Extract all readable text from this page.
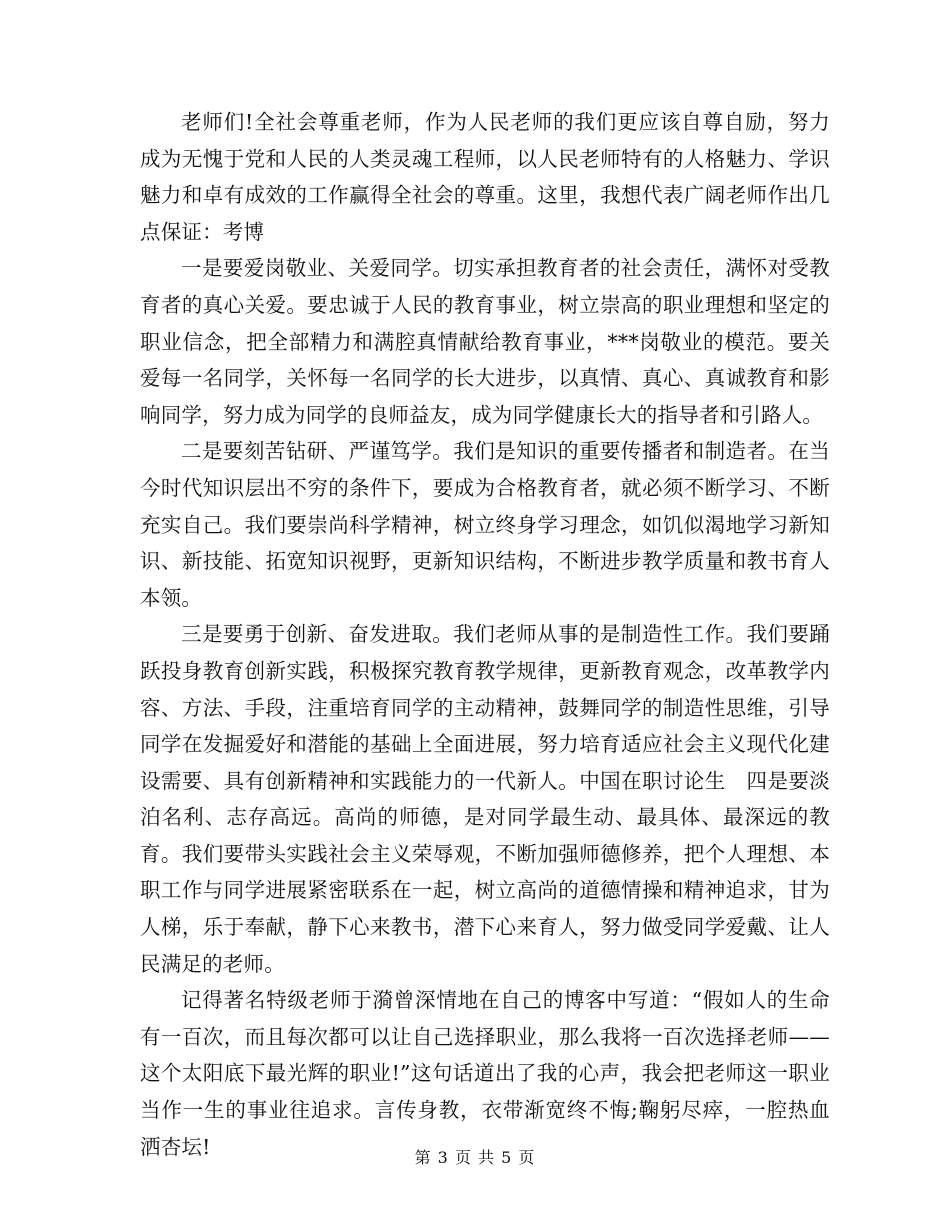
老师们!全社会尊重老师，作为人民老师的我们更应该自尊自励，努力成为无愧于党和人民的人类灵魂工程师，以人民老师特有的人格魅力、学识魅力和卓有成效的工作赢得全社会的尊重。这里，我想代表广阔老师作出几点保证：考博

一是要爱岗敬业、关爱同学。切实承担教育者的社会责任，满怀对受教育者的真心关爱。要忠诚于人民的教育事业，树立崇高的职业理想和坚定的职业信念，把全部精力和满腔真情献给教育事业，***岗敬业的模范。要关爱每一名同学，关怀每一名同学的长大进步，以真情、真心、真诚教育和影响同学，努力成为同学的良师益友，成为同学健康长大的指导者和引路人。

二是要刻苦钻研、严谨笃学。我们是知识的重要传播者和制造者。在当今时代知识层出不穷的条件下，要成为合格教育者，就必须不断学习、不断充实自己。我们要崇尚科学精神，树立终身学习理念，如饥似渴地学习新知识、新技能、拓宽知识视野，更新知识结构，不断进步教学质量和教书育人本领。

三是要勇于创新、奋发进取。我们老师从事的是制造性工作。我们要踊跃投身教育创新实践，积极探究教育教学规律，更新教育观念，改革教学内容、方法、手段，注重培育同学的主动精神，鼓舞同学的制造性思维，引导同学在发掘爱好和潜能的基础上全面进展，努力培育适应社会主义现代化建设需要、具有创新精神和实践能力的一代新人。中国在职讨论生　四是要淡泊名利、志存高远。高尚的师德，是对同学最生动、最具体、最深远的教育。我们要带头实践社会主义荣辱观，不断加强师德修养，把个人理想、本职工作与同学进展紧密联系在一起，树立高尚的道德情操和精神追求，甘为人梯，乐于奉献，静下心来教书，潜下心来育人，努力做受同学爱戴、让人民满足的老师。

记得著名特级老师于漪曾深情地在自己的博客中写道：“假如人的生命有一百次，而且每次都可以让自己选择职业，那么我将一百次选择老师——这个太阳底下最光辉的职业!”这句话道出了我的心声，我会把老师这一职业当作一生的事业往追求。言传身教，衣带渐宽终不悔;鞠躬尽瘁，一腔热血洒杏坛!	第 3 页 共 5 页
